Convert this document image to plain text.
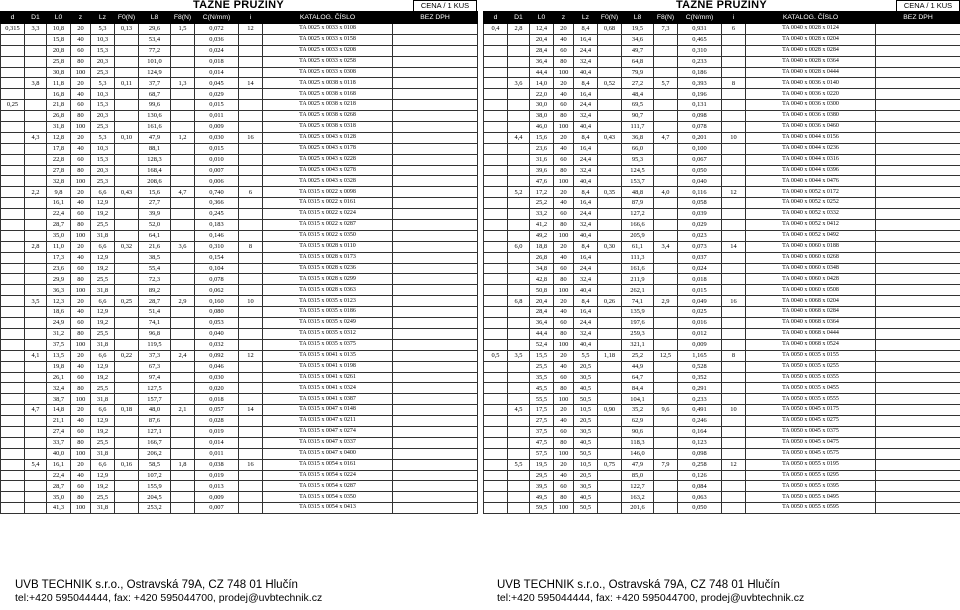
TAŽNÉ PRUŽINY	CENA / 1 KUS
d	D1	L0	z	Lz	F0(N)	L8	F8(N)	C(N/mm)	i	KATALOG. ČÍSLO	BEZ DPH
0,315	3,3	10,8	20	5,3	0,13	29,6	1,5	0,072	12	TA 0025 x 0033 x 0108	
		15,8	40	10,3		53,4		0,036		TA 0025 x 0033 x 0158	
		20,8	60	15,3		77,2		0,024		TA 0025 x 0033 x 0208	
		25,8	80	20,3		101,0		0,018		TA 0025 x 0033 x 0258	
		30,8	100	25,3		124,9		0,014		TA 0025 x 0033 x 0308	
	3,8	11,8	20	5,3	0,11	37,7	1,3	0,045	14	TA 0025 x 0038 x 0118	
		16,8	40	10,3		68,7		0,029		TA 0025 x 0038 x 0168	
0,25		21,8	60	15,3		99,6		0,015		TA 0025 x 0038 x 0218	
		26,8	80	20,3		130,6		0,011		TA 0025 x 0038 x 0268	
		31,8	100	25,3		161,6		0,009		TA 0025 x 0038 x 0318	
	4,3	12,8	20	5,3	0,10	47,9	1,2	0,030	16	TA 0025 x 0043 x 0128	
		17,8	40	10,3		88,1		0,015		TA 0025 x 0043 x 0178	
		22,8	60	15,3		128,3		0,010		TA 0025 x 0043 x 0228	
		27,8	80	20,3		168,4		0,007		TA 0025 x 0043 x 0278	
		32,8	100	25,3		208,6		0,006		TA 0025 x 0043 x 0328	
	2,2	9,8	20	6,6	0,43	15,6	4,7	0,740	6	TA 0315 x 0022 x 0098	
		16,1	40	12,9		27,7		0,366		TA 0315 x 0022 x 0161	
		22,4	60	19,2		39,9		0,245		TA 0315 x 0022 x 0224	
		28,7	80	25,5		52,0		0,183		TA 0315 x 0022 x 0287	
		35,0	100	31,8		64,1		0,146		TA 0315 x 0022 x 0350	
	2,8	11,0	20	6,6	0,32	21,6	3,6	0,310	8	TA 0315 x 0028 x 0110	
		17,3	40	12,9		38,5		0,154		TA 0315 x 0028 x 0173	
		23,6	60	19,2		55,4		0,104		TA 0315 x 0028 x 0236	
		29,9	80	25,5		72,3		0,078		TA 0315 x 0028 x 0299	
		36,3	100	31,8		89,2		0,062		TA 0315 x 0028 x 0363	
	3,5	12,3	20	6,6	0,25	28,7	2,9	0,160	10	TA 0315 x 0035 x 0123	
		18,6	40	12,9		51,4		0,080		TA 0315 x 0035 x 0186	
		24,9	60	19,2		74,1		0,053		TA 0315 x 0035 x 0249	
		31,2	80	25,5		96,8		0,040		TA 0315 x 0035 x 0312	
		37,5	100	31,8		119,5		0,032		TA 0315 x 0035 x 0375	
	4,1	13,5	20	6,6	0,22	37,3	2,4	0,092	12	TA 0315 x 0041 x 0135	
		19,8	40	12,9		67,3		0,046		TA 0315 x 0041 x 0198	
		26,1	60	19,2		97,4		0,030		TA 0315 x 0041 x 0261	
		32,4	80	25,5		127,5		0,020		TA 0315 x 0041 x 0324	
		38,7	100	31,8		157,7		0,018		TA 0315 x 0041 x 0387	
	4,7	14,8	20	6,6	0,18	48,0	2,1	0,057	14	TA 0315 x 0047 x 0148	
		21,1	40	12,9		87,6		0,028		TA 0315 x 0047 x 0211	
		27,4	60	19,2		127,1		0,019		TA 0315 x 0047 x 0274	
		33,7	80	25,5		166,7		0,014		TA 0315 x 0047 x 0337	
		40,0	100	31,8		206,2		0,011		TA 0315 x 0047 x 0400	
	5,4	16,1	20	6,6	0,16	58,5	1,8	0,038	16	TA 0315 x 0054 x 0161	
		22,4	40	12,9		107,2		0,019		TA 0315 x 0054 x 0224	
		28,7	60	19,2		155,9		0,013		TA 0315 x 0054 x 0287	
		35,0	80	25,5		204,5		0,009		TA 0315 x 0054 x 0350	
		41,3	100	31,8		253,2		0,007		TA 0315 x 0054 x 0413	
TAŽNÉ PRUŽINY	CENA / 1 KUS
d	D1	L0	z	Lz	F0(N)	L8	F8(N)	C(N/mm)	i	KATALOG. ČÍSLO	BEZ DPH
0,4	2,8	12,4	20	8,4	0,68	19,5	7,3	0,931	6	TA 0040 x 0028 x 0124	
		20,4	40	16,4		34,6		0,465		TA 0040 x 0028 x 0204	
		28,4	60	24,4		49,7		0,310		TA 0040 x 0028 x 0284	
		36,4	80	32,4		64,8		0,233		TA 0040 x 0028 x 0364	
		44,4	100	40,4		79,9		0,186		TA 0040 x 0028 x 0444	
	3,6	14,0	20	8,4	0,52	27,2	5,7	0,393	8	TA 0040 x 0036 x 0140	
		22,0	40	16,4		48,4		0,196		TA 0040 x 0036 x 0220	
		30,0	60	24,4		69,5		0,131		TA 0040 x 0036 x 0300	
		38,0	80	32,4		90,7		0,098		TA 0040 x 0036 x 0380	
		46,0	100	40,4		111,7		0,078		TA 0040 x 0036 x 0460	
	4,4	15,6	20	8,4	0,43	36,8	4,7	0,201	10	TA 0040 x 0044 x 0156	
		23,6	40	16,4		66,0		0,100		TA 0040 x 0044 x 0236	
		31,6	60	24,4		95,3		0,067		TA 0040 x 0044 x 0316	
		39,6	80	32,4		124,5		0,050		TA 0040 x 0044 x 0396	
		47,6	100	40,4		153,7		0,040		TA 0040 x 0044 x 0476	
	5,2	17,2	20	8,4	0,35	48,8	4,0	0,116	12	TA 0040 x 0052 x 0172	
		25,2	40	16,4		87,9		0,058		TA 0040 x 0052 x 0252	
		33,2	60	24,4		127,2		0,039		TA 0040 x 0052 x 0332	
		41,2	80	32,4		166,6		0,029		TA 0040 x 0052 x 0412	
		49,2	100	40,4		205,9		0,023		TA 0040 x 0052 x 0492	
	6,0	18,8	20	8,4	0,30	61,1	3,4	0,073	14	TA 0040 x 0060 x 0188	
		26,8	40	16,4		111,3		0,037		TA 0040 x 0060 x 0268	
		34,8	60	24,4		161,6		0,024		TA 0040 x 0060 x 0348	
		42,8	80	32,4		211,9		0,018		TA 0040 x 0060 x 0428	
		50,8	100	40,4		262,1		0,015		TA 0040 x 0060 x 0508	
	6,8	20,4	20	8,4	0,26	74,1	2,9	0,049	16	TA 0040 x 0068 x 0204	
		28,4	40	16,4		135,9		0,025		TA 0040 x 0068 x 0284	
		36,4	60	24,4		197,6		0,016		TA 0040 x 0068 x 0364	
		44,4	80	32,4		259,3		0,012		TA 0040 x 0068 x 0444	
		52,4	100	40,4		321,1		0,009		TA 0040 x 0068 x 0524	
0,5	3,5	15,5	20	5,5	1,18	25,2	12,5	1,165	8	TA 0050 x 0035 x 0155	
		25,5	40	20,5		44,9		0,528		TA 0050 x 0035 x 0255	
		35,5	60	30,5		64,7		0,352		TA 0050 x 0035 x 0355	
		45,5	80	40,5		84,4		0,291		TA 0050 x 0035 x 0455	
		55,5	100	50,5		104,1		0,233		TA 0050 x 0035 x 0555	
	4,5	17,5	20	10,5	0,90	35,2	9,6	0,491	10	TA 0050 x 0045 x 0175	
		27,5	40	20,5		62,9		0,246		TA 0050 x 0045 x 0275	
		37,5	60	30,5		90,6		0,164		TA 0050 x 0045 x 0375	
		47,5	80	40,5		118,3		0,123		TA 0050 x 0045 x 0475	
		57,5	100	50,5		146,0		0,098		TA 0050 x 0045 x 0575	
	5,5	19,5	20	10,5	0,75	47,9	7,9	0,258	12	TA 0050 x 0055 x 0195	
		29,5	40	20,5		85,0		0,126		TA 0050 x 0055 x 0295	
		39,5	60	30,5		122,7		0,084		TA 0050 x 0055 x 0395	
		49,5	80	40,5		163,2		0,063		TA 0050 x 0055 x 0495	
		59,5	100	50,5		201,6		0,050		TA 0050 x 0055 x 0595	
UVB TECHNIK s.r.o., Ostravská 79A, CZ 748 01 Hlučín
tel:+420 595044444, fax: +420 595044700, prodej@uvbtechnik.cz
UVB TECHNIK s.r.o., Ostravská 79A, CZ 748 01 Hlučín
tel:+420 595044444, fax: +420 595044700, prodej@uvbtechnik.cz
